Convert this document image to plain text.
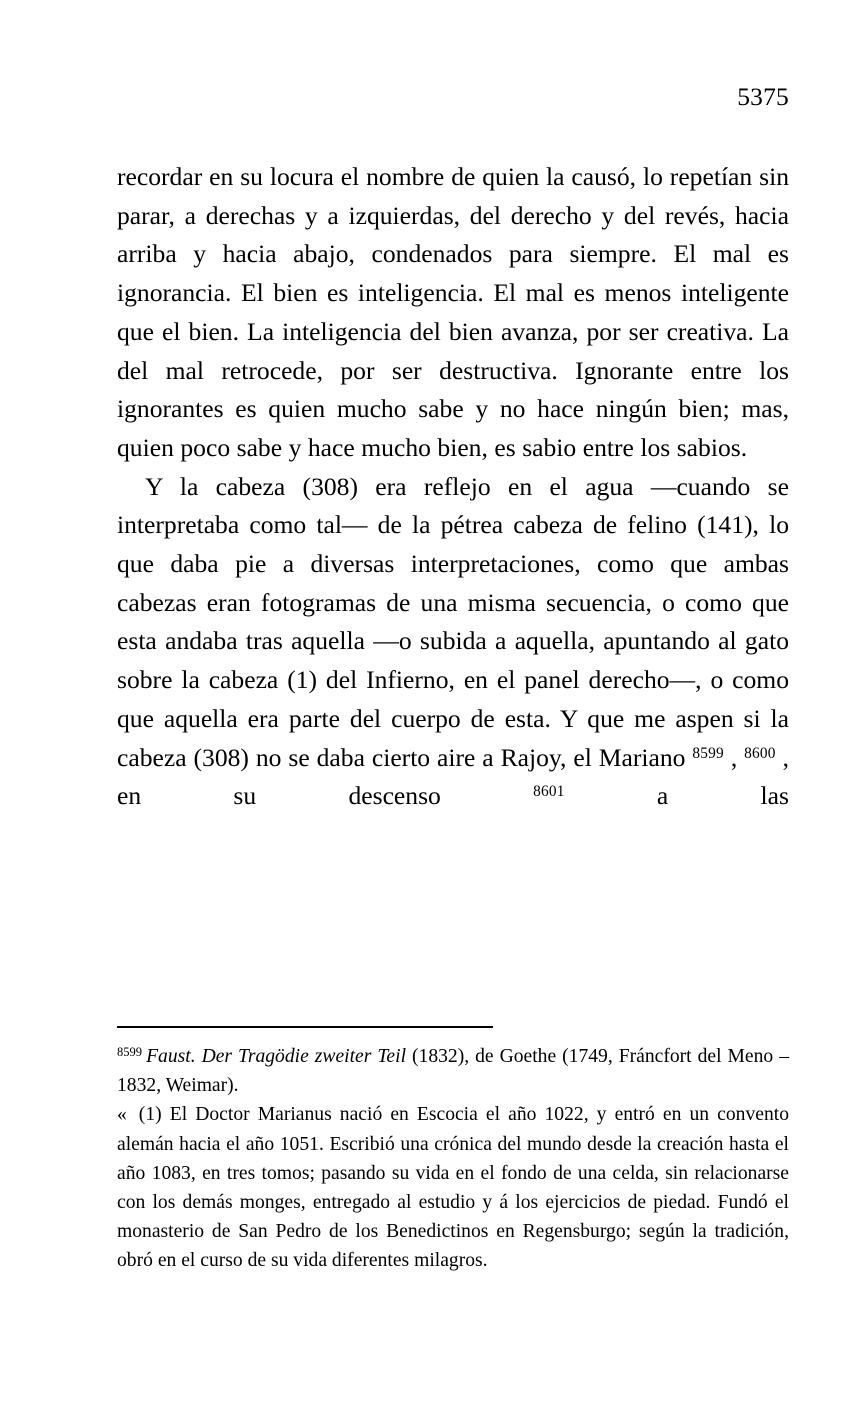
5375

recordar en su locura el nombre de quien la causó, lo repetían sin parar, a derechas y a izquierdas, del derecho y del revés, hacia arriba y hacia abajo, condenados para siempre. El mal es ignorancia. El bien es inteligencia. El mal es menos inteligente que el bien. La inteligencia del bien avanza, por ser creativa. La del mal retrocede, por ser destructiva. Ignorante entre los ignorantes es quien mucho sabe y no hace ningún bien; mas, quien poco sabe y hace mucho bien, es sabio entre los sabios.

Y la cabeza (308) era reflejo en el agua —cuando se interpretaba como tal— de la pétrea cabeza de felino (141), lo que daba pie a diversas interpretaciones, como que ambas cabezas eran fotogramas de una misma secuencia, o como que esta andaba tras aquella —o subida a aquella, apuntando al gato sobre la cabeza (1) del Infierno, en el panel derecho—, o como que aquella era parte del cuerpo de esta. Y que me aspen si la cabeza (308) no se daba cierto aire a Rajoy, el Mariano $^{8599}$ , $^{8600}$ , en su descenso $^{8601}$ a las

$^{8599}$ Faust. Der Tragödie zweiter Teil (1832), de Goethe (1749, Fráncfort del Meno – 1832, Weimar).

« (1) El Doctor Marianus nació en Escocia el año 1022, y entró en un convento alemán hacia el año 1051. Escribió una crónica del mundo desde la creación hasta el año 1083, en tres tomos; pasando su vida en el fondo de una celda, sin relacionarse con los demás monges, entregado al estudio y á los ejercicios de piedad. Fundó el monasterio de San Pedro de los Benedictinos en Regensburgo; según la tradición, obró en el curso de su vida diferentes milagros.
